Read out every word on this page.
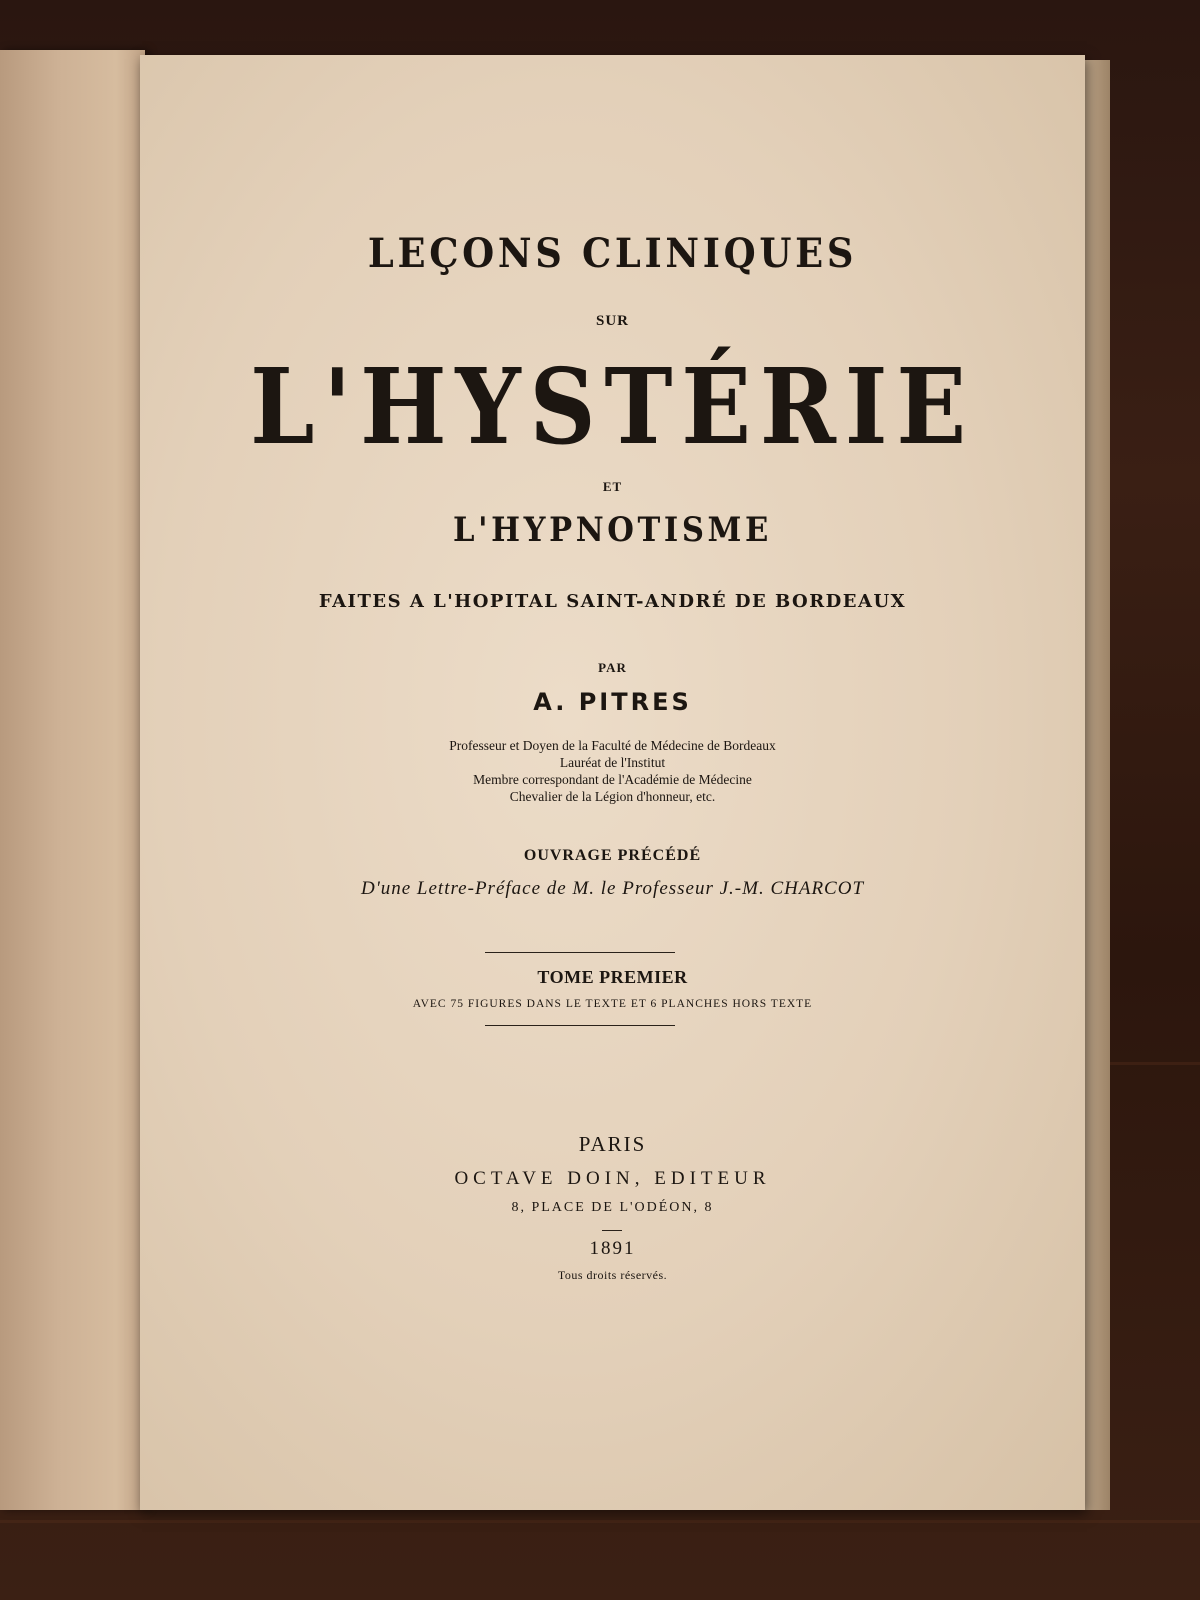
LEÇONS CLINIQUES
SUR
L'HYSTÉRIE
ET
L'HYPNOTISME
FAITES A L'HOPITAL SAINT-ANDRÉ DE BORDEAUX
PAR
A. PITRES
Professeur et Doyen de la Faculté de Médecine de Bordeaux
Lauréat de l'Institut
Membre correspondant de l'Académie de Médecine
Chevalier de la Légion d'honneur, etc.
OUVRAGE PRÉCÉDÉ
D'une Lettre-Préface de M. le Professeur J.-M. CHARCOT
TOME PREMIER
AVEC 75 FIGURES DANS LE TEXTE ET 6 PLANCHES HORS TEXTE
PARIS
OCTAVE DOIN, EDITEUR
8, PLACE DE L'ODÉON, 8
1891
Tous droits réservés.
